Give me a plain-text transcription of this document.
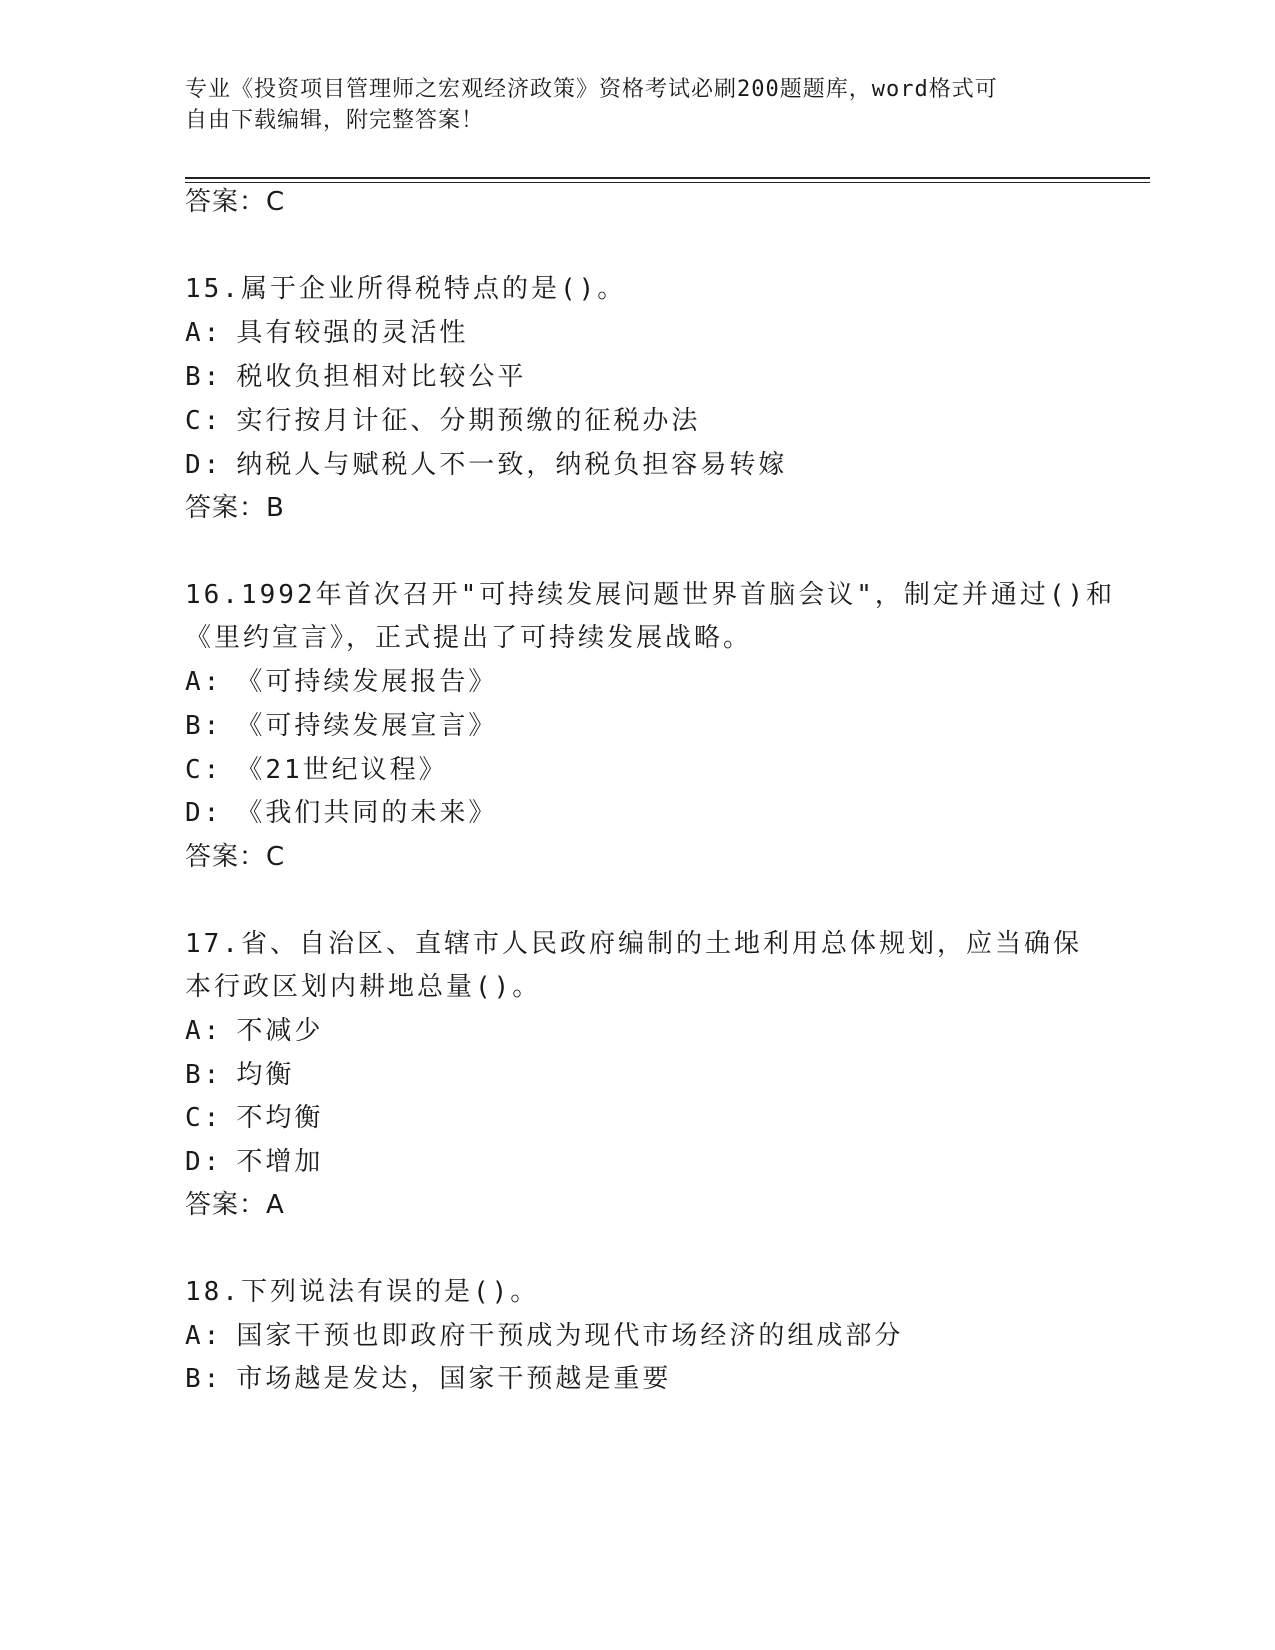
专业《投资项目管理师之宏观经济政策》资格考试必刷200题题库，word格式可
自由下载编辑，附完整答案！
答案：C
15.属于企业所得税特点的是()。
A: 具有较强的灵活性
B: 税收负担相对比较公平
C: 实行按月计征、分期预缴的征税办法
D: 纳税人与赋税人不一致，纳税负担容易转嫁
答案：B
16.1992年首次召开"可持续发展问题世界首脑会议"，制定并通过()和
《里约宣言》，正式提出了可持续发展战略。
A: 《可持续发展报告》
B: 《可持续发展宣言》
C: 《21世纪议程》
D: 《我们共同的未来》
答案：C
17.省、自治区、直辖市人民政府编制的土地利用总体规划，应当确保
本行政区划内耕地总量()。
A: 不减少
B: 均衡
C: 不均衡
D: 不增加
答案：A
18.下列说法有误的是()。
A: 国家干预也即政府干预成为现代市场经济的组成部分
B: 市场越是发达，国家干预越是重要
